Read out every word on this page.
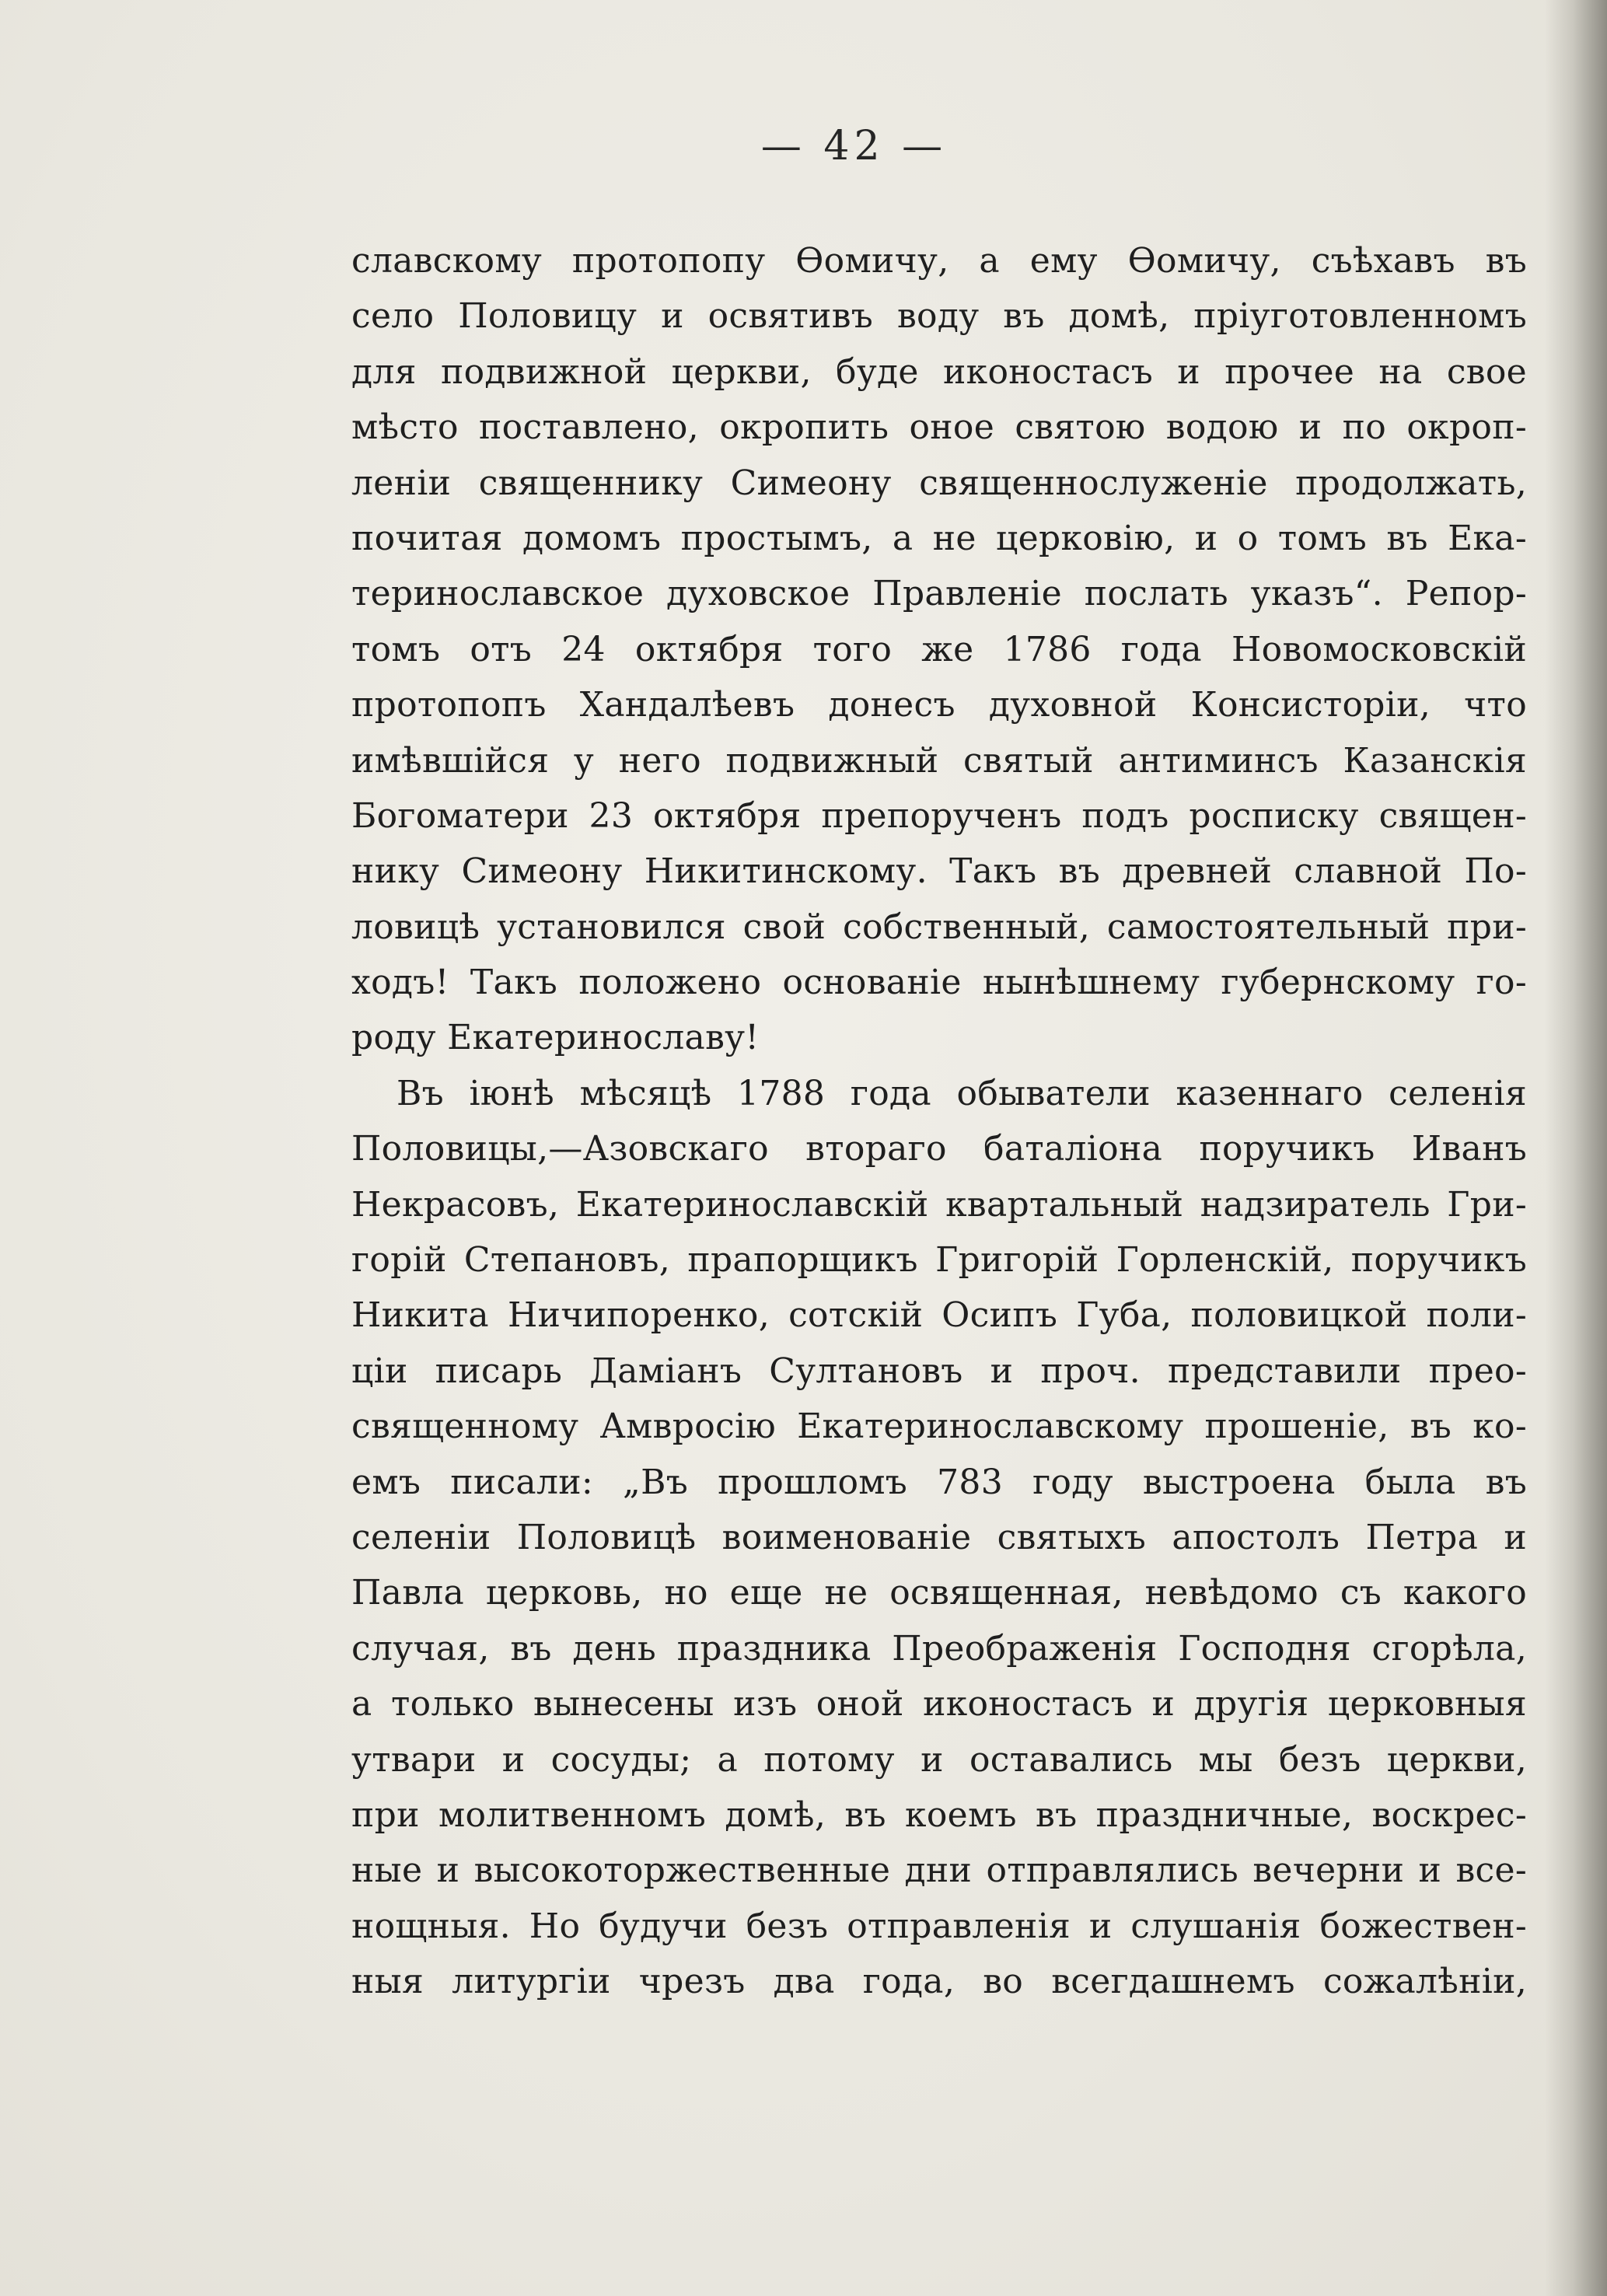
— 42 —
славскому протопопу Ѳомичу, а ему Ѳомичу, съѣхавъ въ
село Половицу и освятивъ воду въ домѣ, пріуготовленномъ
для подвижной церкви, буде иконостасъ и прочее на свое
мѣсто поставлено, окропить оное святою водою и по окроп-
леніи священнику Симеону священнослуженіе продолжать,
почитая домомъ простымъ, а не церковію, и о томъ въ Ека-
теринославское духовское Правленіе послать указъ“. Репор-
томъ отъ 24 октября того же 1786 года Новомосковскій
протопопъ Хандалѣевъ донесъ духовной Консисторіи, что
имѣвшійся у него подвижный святый антиминсъ Казанскія
Богоматери 23 октября препорученъ подъ росписку священ-
нику Симеону Никитинскому. Такъ въ древней славной По-
ловицѣ установился свой собственный, самостоятельный при-
ходъ! Такъ положено основаніе нынѣшнему губернскому го-
роду Екатеринославу!
Въ іюнѣ мѣсяцѣ 1788 года обыватели казеннаго селенія
Половицы,—Азовскаго втораго баталіона поручикъ Иванъ
Некрасовъ, Екатеринославскій квартальный надзиратель Гри-
горій Степановъ, прапорщикъ Григорій Горленскій, поручикъ
Никита Ничипоренко, сотскій Осипъ Губа, половицкой поли-
ціи писарь Даміанъ Султановъ и проч. представили прео-
священному Амвросію Екатеринославскому прошеніе, въ ко-
емъ писали: „Въ прошломъ 783 году выстроена была въ
селеніи Половицѣ воименованіе святыхъ апостолъ Петра и
Павла церковь, но еще не освященная, невѣдомо съ какого
случая, въ день праздника Преображенія Господня сгорѣла,
а только вынесены изъ оной иконостасъ и другія церковныя
утвари и сосуды; а потому и оставались мы безъ церкви,
при молитвенномъ домѣ, въ коемъ въ праздничные, воскрес-
ные и высокоторжественные дни отправлялись вечерни и все-
нощныя. Но будучи безъ отправленія и слушанія божествен-
ныя литургіи чрезъ два года, во всегдашнемъ сожалѣніи,
